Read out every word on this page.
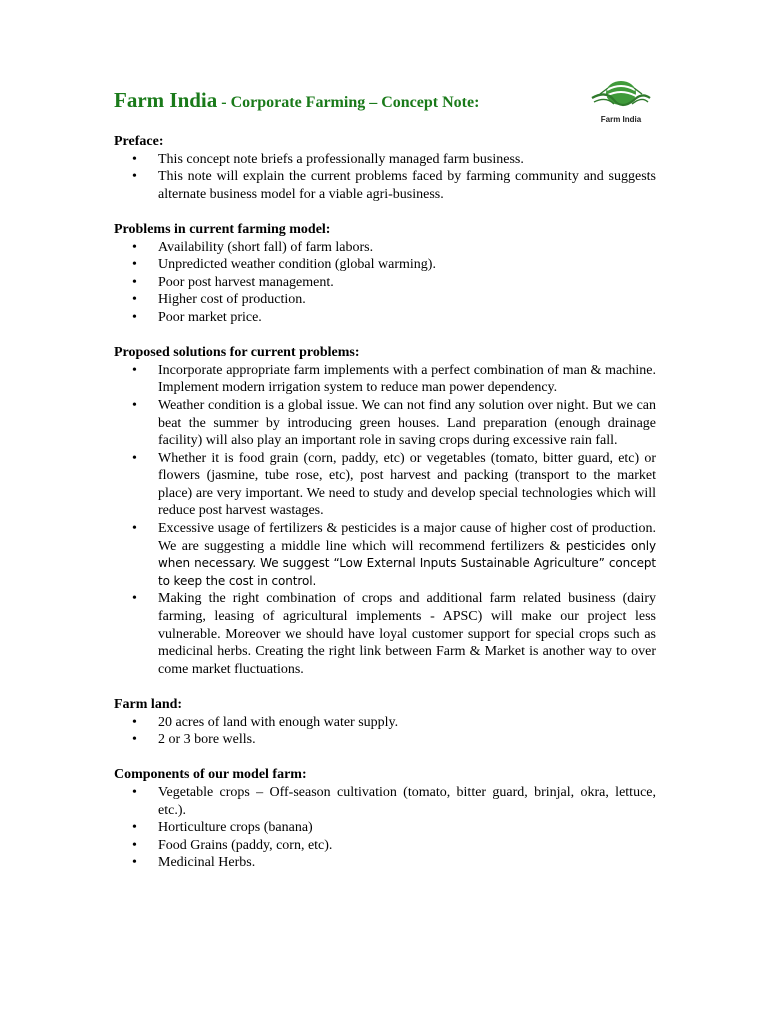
Farm India - Corporate Farming – Concept Note:
Farm India
Preface:
• This concept note briefs a professionally managed farm business.
• This note will explain the current problems faced by farming community and suggests alternate business model for a viable agri-business.
Problems in current farming model:
• Availability (short fall) of farm labors.
• Unpredicted weather condition (global warming).
• Poor post harvest management.
• Higher cost of production.
• Poor market price.
Proposed solutions for current problems:
• Incorporate appropriate farm implements with a perfect combination of man & machine. Implement modern irrigation system to reduce man power dependency.
• Weather condition is a global issue. We can not find any solution over night. But we can beat the summer by introducing green houses. Land preparation (enough drainage facility) will also play an important role in saving crops during excessive rain fall.
• Whether it is food grain (corn, paddy, etc) or vegetables (tomato, bitter guard, etc) or flowers (jasmine, tube rose, etc), post harvest and packing (transport to the market place) are very important. We need to study and develop special technologies which will reduce post harvest wastages.
• Excessive usage of fertilizers & pesticides is a major cause of higher cost of production. We are suggesting a middle line which will recommend fertilizers & pesticides only when necessary. We suggest “Low External Inputs Sustainable Agriculture” concept to keep the cost in control.
• Making the right combination of crops and additional farm related business (dairy farming, leasing of agricultural implements - APSC) will make our project less vulnerable. Moreover we should have loyal customer support for special crops such as medicinal herbs. Creating the right link between Farm & Market is another way to over come market fluctuations.
Farm land:
• 20 acres of land with enough water supply.
• 2 or 3 bore wells.
Components of our model farm:
• Vegetable crops – Off-season cultivation (tomato, bitter guard, brinjal, okra, lettuce, etc.).
• Horticulture crops (banana)
• Food Grains (paddy, corn, etc).
• Medicinal Herbs.
